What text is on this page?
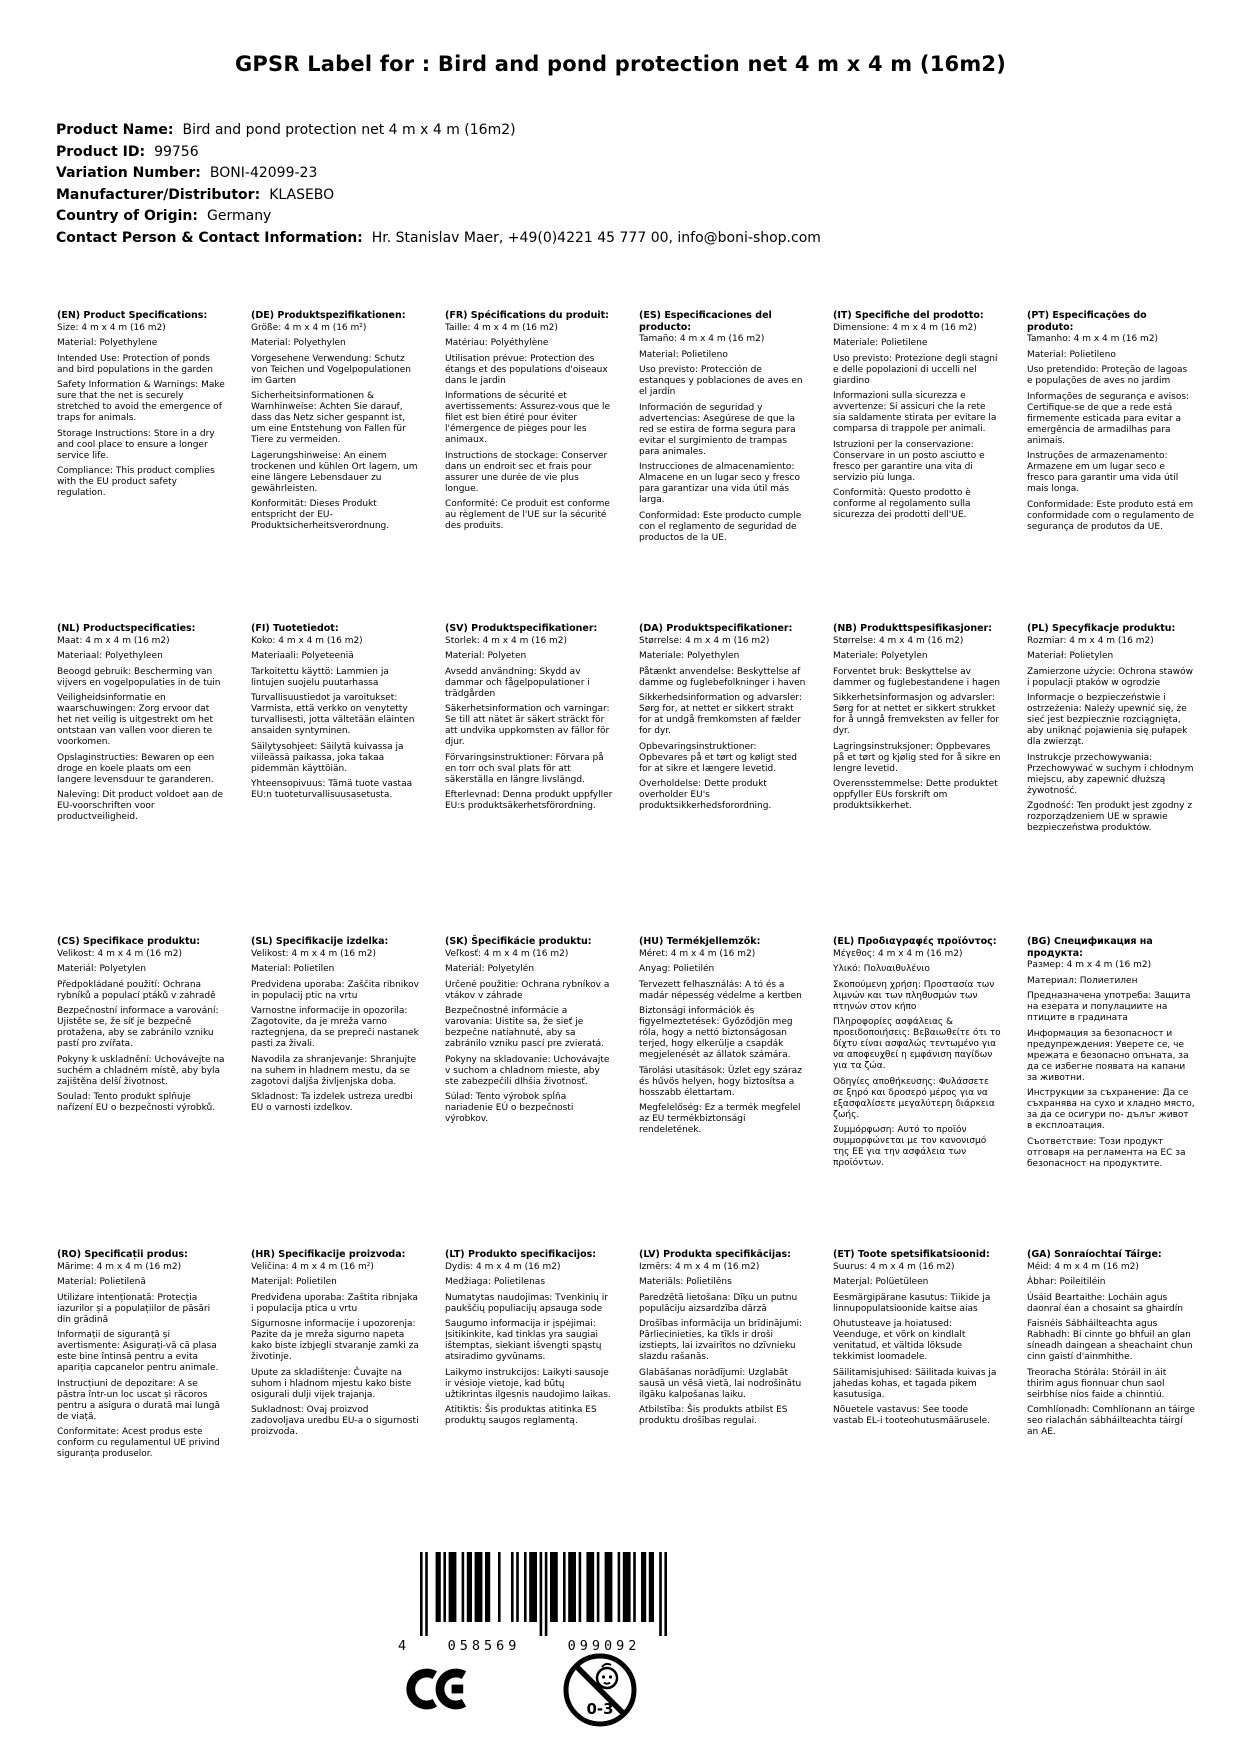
GPSR Label for : Bird and pond protection net 4 m x 4 m (16m2)
Product Name: Bird and pond protection net 4 m x 4 m (16m2)
Product ID: 99756
Variation Number: BONI-42099-23
Manufacturer/Distributor: KLASEBO
Country of Origin: Germany
Contact Person & Contact Information: Hr. Stanislav Maer, +49(0)4221 45 777 00, info@boni-shop.com
(EN) Product Specifications:

Size: 4 m x 4 m (16 m2)

Material: Polyethylene

Intended Use: Protection of ponds and bird populations in the garden

Safety Information & Warnings: Make sure that the net is securely stretched to avoid the emergence of traps for animals.

Storage Instructions: Store in a dry and cool place to ensure a longer service life.

Compliance: This product complies with the EU product safety regulation.

(DE) Produktspezifikationen:

Größe: 4 m x 4 m (16 m²)

Material: Polyethylen

Vorgesehene Verwendung: Schutz von Teichen und Vogelpopulationen im Garten

Sicherheitsinformationen & Warnhinweise: Achten Sie darauf, dass das Netz sicher gespannt ist, um eine Entstehung von Fallen für Tiere zu vermeiden.

Lagerungshinweise: An einem trockenen und kühlen Ort lagern, um eine längere Lebensdauer zu gewährleisten.

Konformität: Dieses Produkt entspricht der EU-Produktsicherheitsverordnung.

(FR) Spécifications du produit:

Taille: 4 m x 4 m (16 m2)

Matériau: Polyéthylène

Utilisation prévue: Protection des étangs et des populations d'oiseaux dans le jardin

Informations de sécurité et avertissements: Assurez-vous que le filet est bien étiré pour éviter l'émergence de pièges pour les animaux.

Instructions de stockage: Conserver dans un endroit sec et frais pour assurer une durée de vie plus longue.

Conformité: Ce produit est conforme au règlement de l'UE sur la sécurité des produits.

(ES) Especificaciones del producto:

Tamaño: 4 m x 4 m (16 m2)

Material: Polietileno

Uso previsto: Protección de estanques y poblaciones de aves en el jardín

Información de seguridad y advertencias: Asegúrese de que la red se estira de forma segura para evitar el surgimiento de trampas para animales.

Instrucciones de almacenamiento: Almacene en un lugar seco y fresco para garantizar una vida útil más larga.

Conformidad: Este producto cumple con el reglamento de seguridad de productos de la UE.

(IT) Specifiche del prodotto:

Dimensione: 4 m x 4 m (16 m2)

Materiale: Polietilene

Uso previsto: Protezione degli stagni e delle popolazioni di uccelli nel giardino

Informazioni sulla sicurezza e avvertenze: Si assicuri che la rete sia saldamente stirata per evitare la comparsa di trappole per animali.

Istruzioni per la conservazione: Conservare in un posto asciutto e fresco per garantire una vita di servizio più lunga.

Conformità: Questo prodotto è conforme al regolamento sulla sicurezza dei prodotti dell'UE.

(PT) Especificações do produto:

Tamanho: 4 m x 4 m (16 m2)

Material: Polietileno

Uso pretendido: Proteção de lagoas e populações de aves no jardim

Informações de segurança e avisos: Certifique-se de que a rede está firmemente esticada para evitar a emergência de armadilhas para animais.

Instruções de armazenamento: Armazene em um lugar seco e fresco para garantir uma vida útil mais longa.

Conformidade: Este produto está em conformidade com o regulamento de segurança de produtos da UE.

(NL) Productspecificaties:

Maat: 4 m x 4 m (16 m2)

Materiaal: Polyethyleen

Beoogd gebruik: Bescherming van vijvers en vogelpopulaties in de tuin

Veiligheidsinformatie en waarschuwingen: Zorg ervoor dat het net veilig is uitgestrekt om het ontstaan van vallen voor dieren te voorkomen.

Opslaginstructies: Bewaren op een droge en koele plaats om een langere levensduur te garanderen.

Naleving: Dit product voldoet aan de EU-voorschriften voor productveiligheid.

(FI) Tuotetiedot:

Koko: 4 m x 4 m (16 m2)

Materiaali: Polyeteeniä

Tarkoitettu käyttö: Lammien ja lintujen suojelu puutarhassa

Turvallisuustiedot ja varoitukset: Varmista, että verkko on venytetty turvallisesti, jotta vältetään eläinten ansaiden syntyminen.

Säilytysohjeet: Säilytä kuivassa ja viileässä paikassa, joka takaa pidemmän käyttöiän.

Yhteensopivuus: Tämä tuote vastaa EU:n tuoteturvallisuusasetusta.

(SV) Produktspecifikationer:

Storlek: 4 m x 4 m (16 m2)

Material: Polyeten

Avsedd användning: Skydd av dammar och fågelpopulationer i trädgården

Säkerhetsinformation och varningar: Se till att nätet är säkert sträckt för att undvika uppkomsten av fällor för djur.

Förvaringsinstruktioner: Förvara på en torr och sval plats för att säkerställa en längre livslängd.

Efterlevnad: Denna produkt uppfyller EU:s produktsäkerhetsförordning.

(DA) Produktspecifikationer:

Størrelse: 4 m x 4 m (16 m2)

Materiale: Polyethylen

Påtænkt anvendelse: Beskyttelse af damme og fuglebefolkninger i haven

Sikkerhedsinformation og advarsler: Sørg for, at nettet er sikkert strakt for at undgå fremkomsten af fælder for dyr.

Opbevaringsinstruktioner: Opbevares på et tørt og køligt sted for at sikre et længere levetid.

Overholdelse: Dette produkt overholder EU's produktsikkerhedsforordning.

(NB) Produkttspesifikasjoner:

Størrelse: 4 m x 4 m (16 m2)

Materiale: Polyetylen

Forventet bruk: Beskyttelse av dammer og fuglebestandene i hagen

Sikkerhetsinformasjon og advarsler: Sørg for at nettet er sikkert strukket for å unngå fremveksten av feller for dyr.

Lagringsinstruksjoner: Oppbevares på et tørt og kjølig sted for å sikre en lengre levetid.

Overensstemmelse: Dette produktet oppfyller EUs forskrift om produktsikkerhet.

(PL) Specyfikacje produktu:

Rozmiar: 4 m x 4 m (16 m2)

Materiał: Polietylen

Zamierzone użycie: Ochrona stawów i populacji ptaków w ogrodzie

Informacje o bezpieczeństwie i ostrzeżenia: Należy upewnić się, że sieć jest bezpiecznie rozciągnięta, aby uniknąć pojawienia się pułapek dla zwierząt.

Instrukcje przechowywania: Przechowywać w suchym i chłodnym miejscu, aby zapewnić dłuższą żywotność.

Zgodność: Ten produkt jest zgodny z rozporządzeniem UE w sprawie bezpieczeństwa produktów.

(CS) Specifikace produktu:

Velikost: 4 m x 4 m (16 m2)

Materiál: Polyetylen

Předpokládané použití: Ochrana rybníků a populací ptáků v zahradě

Bezpečnostní informace a varování: Ujistěte se, že síť je bezpečně protažena, aby se zabránilo vzniku pastí pro zvířata.

Pokyny k uskladnění: Uchovávejte na suchém a chladném místě, aby byla zajištěna delší životnost.

Soulad: Tento produkt splňuje nařízení EU o bezpečnosti výrobků.

(SL) Specifikacije izdelka:

Velikost: 4 m x 4 m (16 m2)

Material: Polietilen

Predvidena uporaba: Zaščita ribnikov in populacij ptic na vrtu

Varnostne informacije in opozorila: Zagotovite, da je mreža varno raztegnjena, da se prepreči nastanek pasti za živali.

Navodila za shranjevanje: Shranjujte na suhem in hladnem mestu, da se zagotovi daljša življenjska doba.

Skladnost: Ta izdelek ustreza uredbi EU o varnosti izdelkov.

(SK) Špecifikácie produktu:

Veľkosť: 4 m x 4 m (16 m2)

Materiál: Polyetylén

Určené použitie: Ochrana rybníkov a vtákov v záhrade

Bezpečnostné informácie a varovania: Uistite sa, že sieť je bezpečne natiahnuté, aby sa zabránilo vzniku pascí pre zvieratá.

Pokyny na skladovanie: Uchovávajte v suchom a chladnom mieste, aby ste zabezpečili dlhšia životnosť.

Súlad: Tento výrobok spĺňa nariadenie EÚ o bezpečnosti výrobkov.

(HU) Termékjellemzők:

Méret: 4 m x 4 m (16 m2)

Anyag: Polietilén

Tervezett felhasználás: A tó és a madár népesség védelme a kertben

Biztonsági információk és figyelmeztetések: Győződjön meg róla, hogy a nettó biztonságosan terjed, hogy elkerülje a csapdák megjelenését az állatok számára.

Tárolási utasítások: Üzlet egy száraz és hűvös helyen, hogy biztosítsa a hosszabb élettartam.

Megfelelőség: Ez a termék megfelel az EU termékbiztonsági rendeletének.

(EL) Προδιαγραφές προϊόντος:

Μέγεθος: 4 m x 4 m (16 m2)

Υλικό: Πολυαιθυλένιο

Σκοπούμενη χρήση: Προστασία των λιμνών και των πληθυσμών των πτηνών στον κήπο

Πληροφορίες ασφάλειας & προειδοποιήσεις: Βεβαιωθείτε ότι το δίχτυ είναι ασφαλώς τεντωμένο για να αποφευχθεί η εμφάνιση παγίδων για τα ζώα.

Οδηγίες αποθήκευσης: Φυλάσσετε σε ξηρό και δροσερό μέρος για να εξασφαλίσετε μεγαλύτερη διάρκεια ζωής.

Συμμόρφωση: Αυτό το προϊόν συμμορφώνεται με τον κανονισμό της ΕΕ για την ασφάλεια των προϊόντων.

(BG) Спецификация на продукта:

Размер: 4 m x 4 m (16 m2)

Материал: Полиетилен

Предназначена употреба: Защита на езерата и популациите на птиците в градината

Информация за безопасност и предупреждения: Уверете се, че мрежата е безопасно опъната, за да се избегне появата на капани за животни.

Инструкции за съхранение: Да се съхранява на сухо и хладно място, за да се осигури по- дълъг живот в експлоатация.

Съответствие: Този продукт отговаря на регламента на ЕС за безопасност на продуктите.

(RO) Specificații produs:

Mărime: 4 m x 4 m (16 m2)

Material: Polietilenă

Utilizare intenționată: Protecția iazurilor și a populațiilor de păsări din grădină

Informații de siguranță și avertismente: Asigurați-vă că plasa este bine întinsă pentru a evita apariția capcanelor pentru animale.

Instrucțiuni de depozitare: A se păstra într-un loc uscat și răcoros pentru a asigura o durată mai lungă de viață.

Conformitate: Acest produs este conform cu regulamentul UE privind siguranța produselor.

(HR) Specifikacije proizvoda:

Veličina: 4 m x 4 m (16 m²)

Materijal: Polietilen

Predviđena uporaba: Zaštita ribnjaka i populacija ptica u vrtu

Sigurnosne informacije i upozorenja: Pazite da je mreža sigurno napeta kako biste izbjegli stvaranje zamki za životinje.

Upute za skladištenje: Čuvajte na suhom i hladnom mjestu kako biste osigurali dulji vijek trajanja.

Sukladnost: Ovaj proizvod zadovoljava uredbu EU-a o sigurnosti proizvoda.

(LT) Produkto specifikacijos:

Dydis: 4 m x 4 m (16 m2)

Medžiaga: Polietilenas

Numatytas naudojimas: Tvenkinių ir paukščių populiacijų apsauga sode

Saugumo informacija ir įspėjimai: Įsitikinkite, kad tinklas yra saugiai ištemptas, siekiant išvengti spąstų atsiradimo gyvūnams.

Laikymo instrukcijos: Laikyti sausoje ir vėsioje vietoje, kad būtų užtikrintas ilgesnis naudojimo laikas.

Atitiktis: Šis produktas atitinka ES produktų saugos reglamentą.

(LV) Produkta specifikācijas:

Izmērs: 4 m x 4 m (16 m2)

Materiāls: Polietilēns

Paredzētā lietošana: Dīķu un putnu populāciju aizsardzība dārzā

Drošības informācija un brīdinājumi: Pārliecinieties, ka tīkls ir droši izstiepts, lai izvairītos no dzīvnieku slazdu rašanās.

Glabāšanas norādījumi: Uzglabāt sausā un vēsā vietā, lai nodrošinātu ilgāku kalpošanas laiku.

Atbilstība: Šis produkts atbilst ES produktu drošības regulai.

(ET) Toote spetsifikatsioonid:

Suurus: 4 m x 4 m (16 m2)

Materjal: Polüetüleen

Eesmärgipärane kasutus: Tiikide ja linnupopulatsioonide kaitse aias

Ohutusteave ja hoiatused: Veenduge, et võrk on kindlalt venitatud, et vältida lõksude tekkimist loomadele.

Säilitamisjuhised: Säilitada kuivas ja jahedas kohas, et tagada pikem kasutusiga.

Nõuetele vastavus: See toode vastab EL-i tooteohutusmäärusele.

(GA) Sonraíochtaí Táirge:

Méid: 4 m x 4 m (16 m2)

Ábhar: Poileitiléin

Úsáid Beartaithe: Locháin agus daonraí éan a chosaint sa ghairdín

Faisnéis Sábháilteachta agus Rabhadh: Bí cinnte go bhfuil an glan síneadh daingean a sheachaint chun cinn gaistí d'ainmhithe.

Treoracha Stórála: Stóráil in áit thirim agus fionnuar chun saol seirbhíse níos faide a chinntiú.

Comhlíonadh: Comhlíonann an táirge seo rialachán sábháilteachta táirgí an AE.

4	058569	099092
0-3
